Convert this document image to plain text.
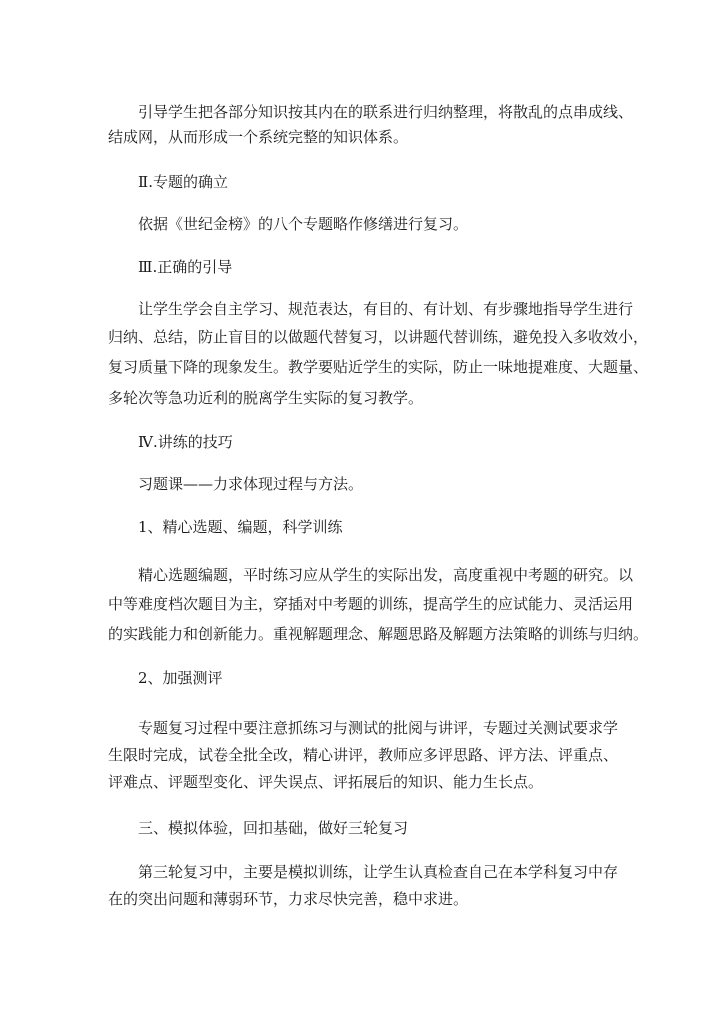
引导学生把各部分知识按其内在的联系进行归纳整理，将散乱的点串成线、

结成网，从而形成一个系统完整的知识体系。

Ⅱ.专题的确立

依据《世纪金榜》的八个专题略作修缮进行复习。

Ⅲ.正确的引导

让学生学会自主学习、规范表达，有目的、有计划、有步骤地指导学生进行

归纳、总结，防止盲目的以做题代替复习，以讲题代替训练，避免投入多收效小，

复习质量下降的现象发生。教学要贴近学生的实际，防止一味地提难度、大题量、

多轮次等急功近利的脱离学生实际的复习教学。

Ⅳ.讲练的技巧

习题课——力求体现过程与方法。

1、精心选题、编题，科学训练

精心选题编题，平时练习应从学生的实际出发，高度重视中考题的研究。以

中等难度档次题目为主，穿插对中考题的训练，提高学生的应试能力、灵活运用

的实践能力和创新能力。重视解题理念、解题思路及解题方法策略的训练与归纳。

2、加强测评

专题复习过程中要注意抓练习与测试的批阅与讲评，专题过关测试要求学

生限时完成，试卷全批全改，精心讲评，教师应多评思路、评方法、评重点、

评难点、评题型变化、评失误点、评拓展后的知识、能力生长点。

三、模拟体验，回扣基础，做好三轮复习

第三轮复习中，主要是模拟训练，让学生认真检查自己在本学科复习中存

在的突出问题和薄弱环节，力求尽快完善，稳中求进。
